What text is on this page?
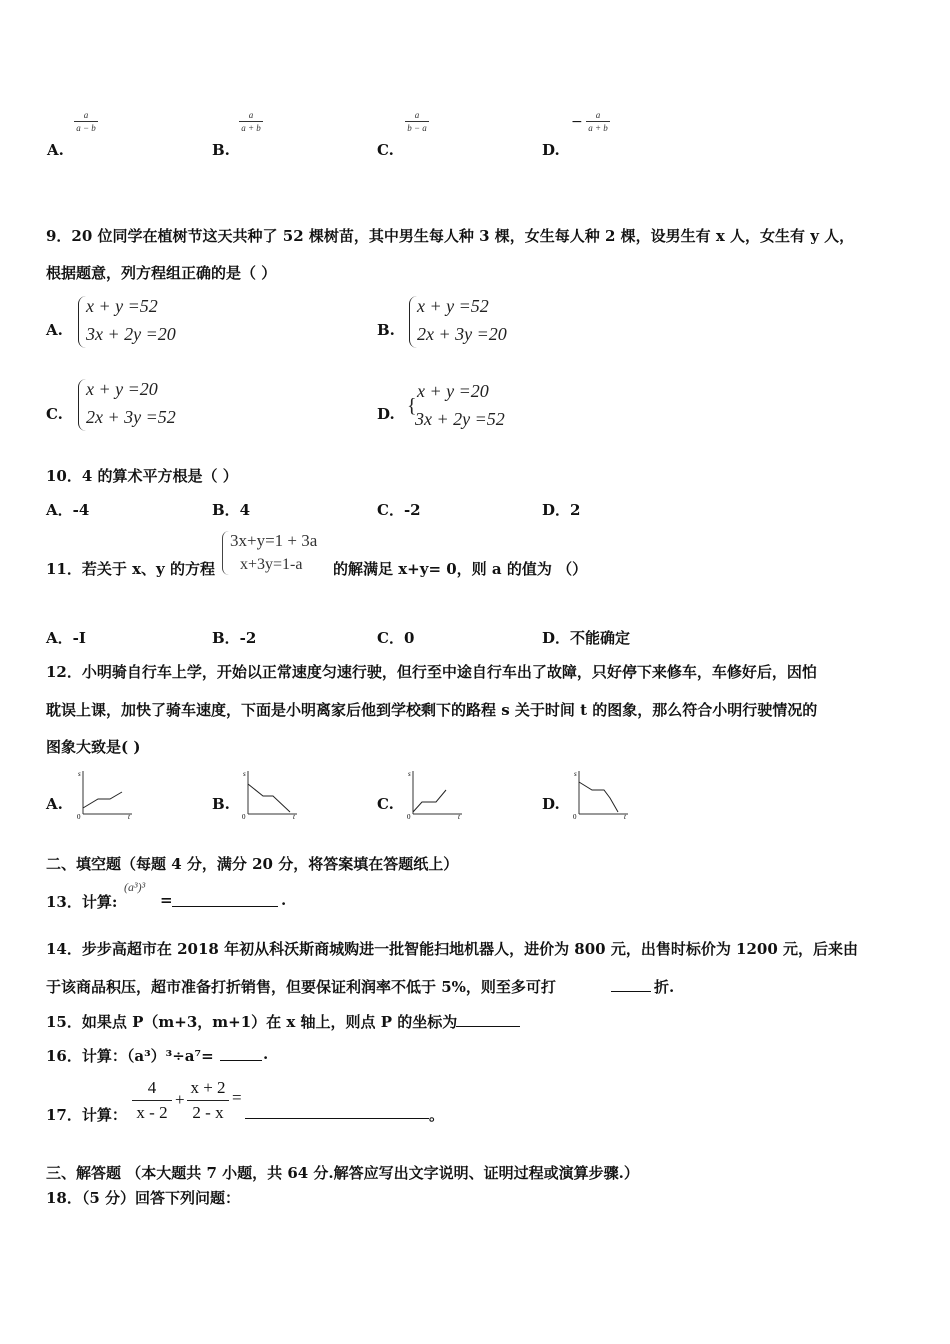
A.
a
a − b
B.
a
a + b
C.
a
b − a
D.
−	a
a + b
9．20 位同学在植树节这天共种了 52 棵树苗，其中男生每人种 3 棵，女生每人种 2 棵，设男生有 x 人，女生有 y 人，
根据题意，列方程组正确的是（ ）
A.
x + y =52
3x + 2y =20	B.
x + y =52
2x + 3y =20
C.
x + y =20
2x + 3y =52	D. {
x + y =20
3x + 2y =52
10．4 的算术平方根是（ ）
A．-4	B．4	C．-2	D．2
11．若关于 x、y 的方程
3x+y=1 + 3a
x+3y=1-a 的解满足 x+y= 0，则 a 的值为 （）
A．-I	B．-2	C．0	D．不能确定
12．小明骑自行车上学，开始以正常速度匀速行驶，但行至中途自行车出了故障，只好停下来修车，车修好后，因怕
耽误上课，加快了骑车速度，下面是小明离家后他到学校剩下的路程 s 关于时间 t 的图象，那么符合小明行驶情况的
图象大致是( )
A.
s
0	t
B.
s
0	t
C.
s
0	t
D.
s
0	t
二、填空题（每题 4 分，满分 20 分，将答案填在答题纸上）
13．计算:
(a³)³
=	.
14．步步高超市在 2018 年初从科沃斯商城购进一批智能扫地机器人，进价为 800 元，出售时标价为 1200 元，后来由
于该商品积压，超市准备打折销售，但要保证利润率不低于 5%，则至多可打	折.
15．如果点 P（m+3，m+1）在 x 轴上，则点 P 的坐标为
16．计算：（a³）³÷a⁷=	.
17．计算：
4
x - 2
+
x + 2
2 - x
=
。
三、解答题 （本大题共 7 小题，共 64 分.解答应写出文字说明、证明过程或演算步骤.）
18．（5 分）回答下列问题：
